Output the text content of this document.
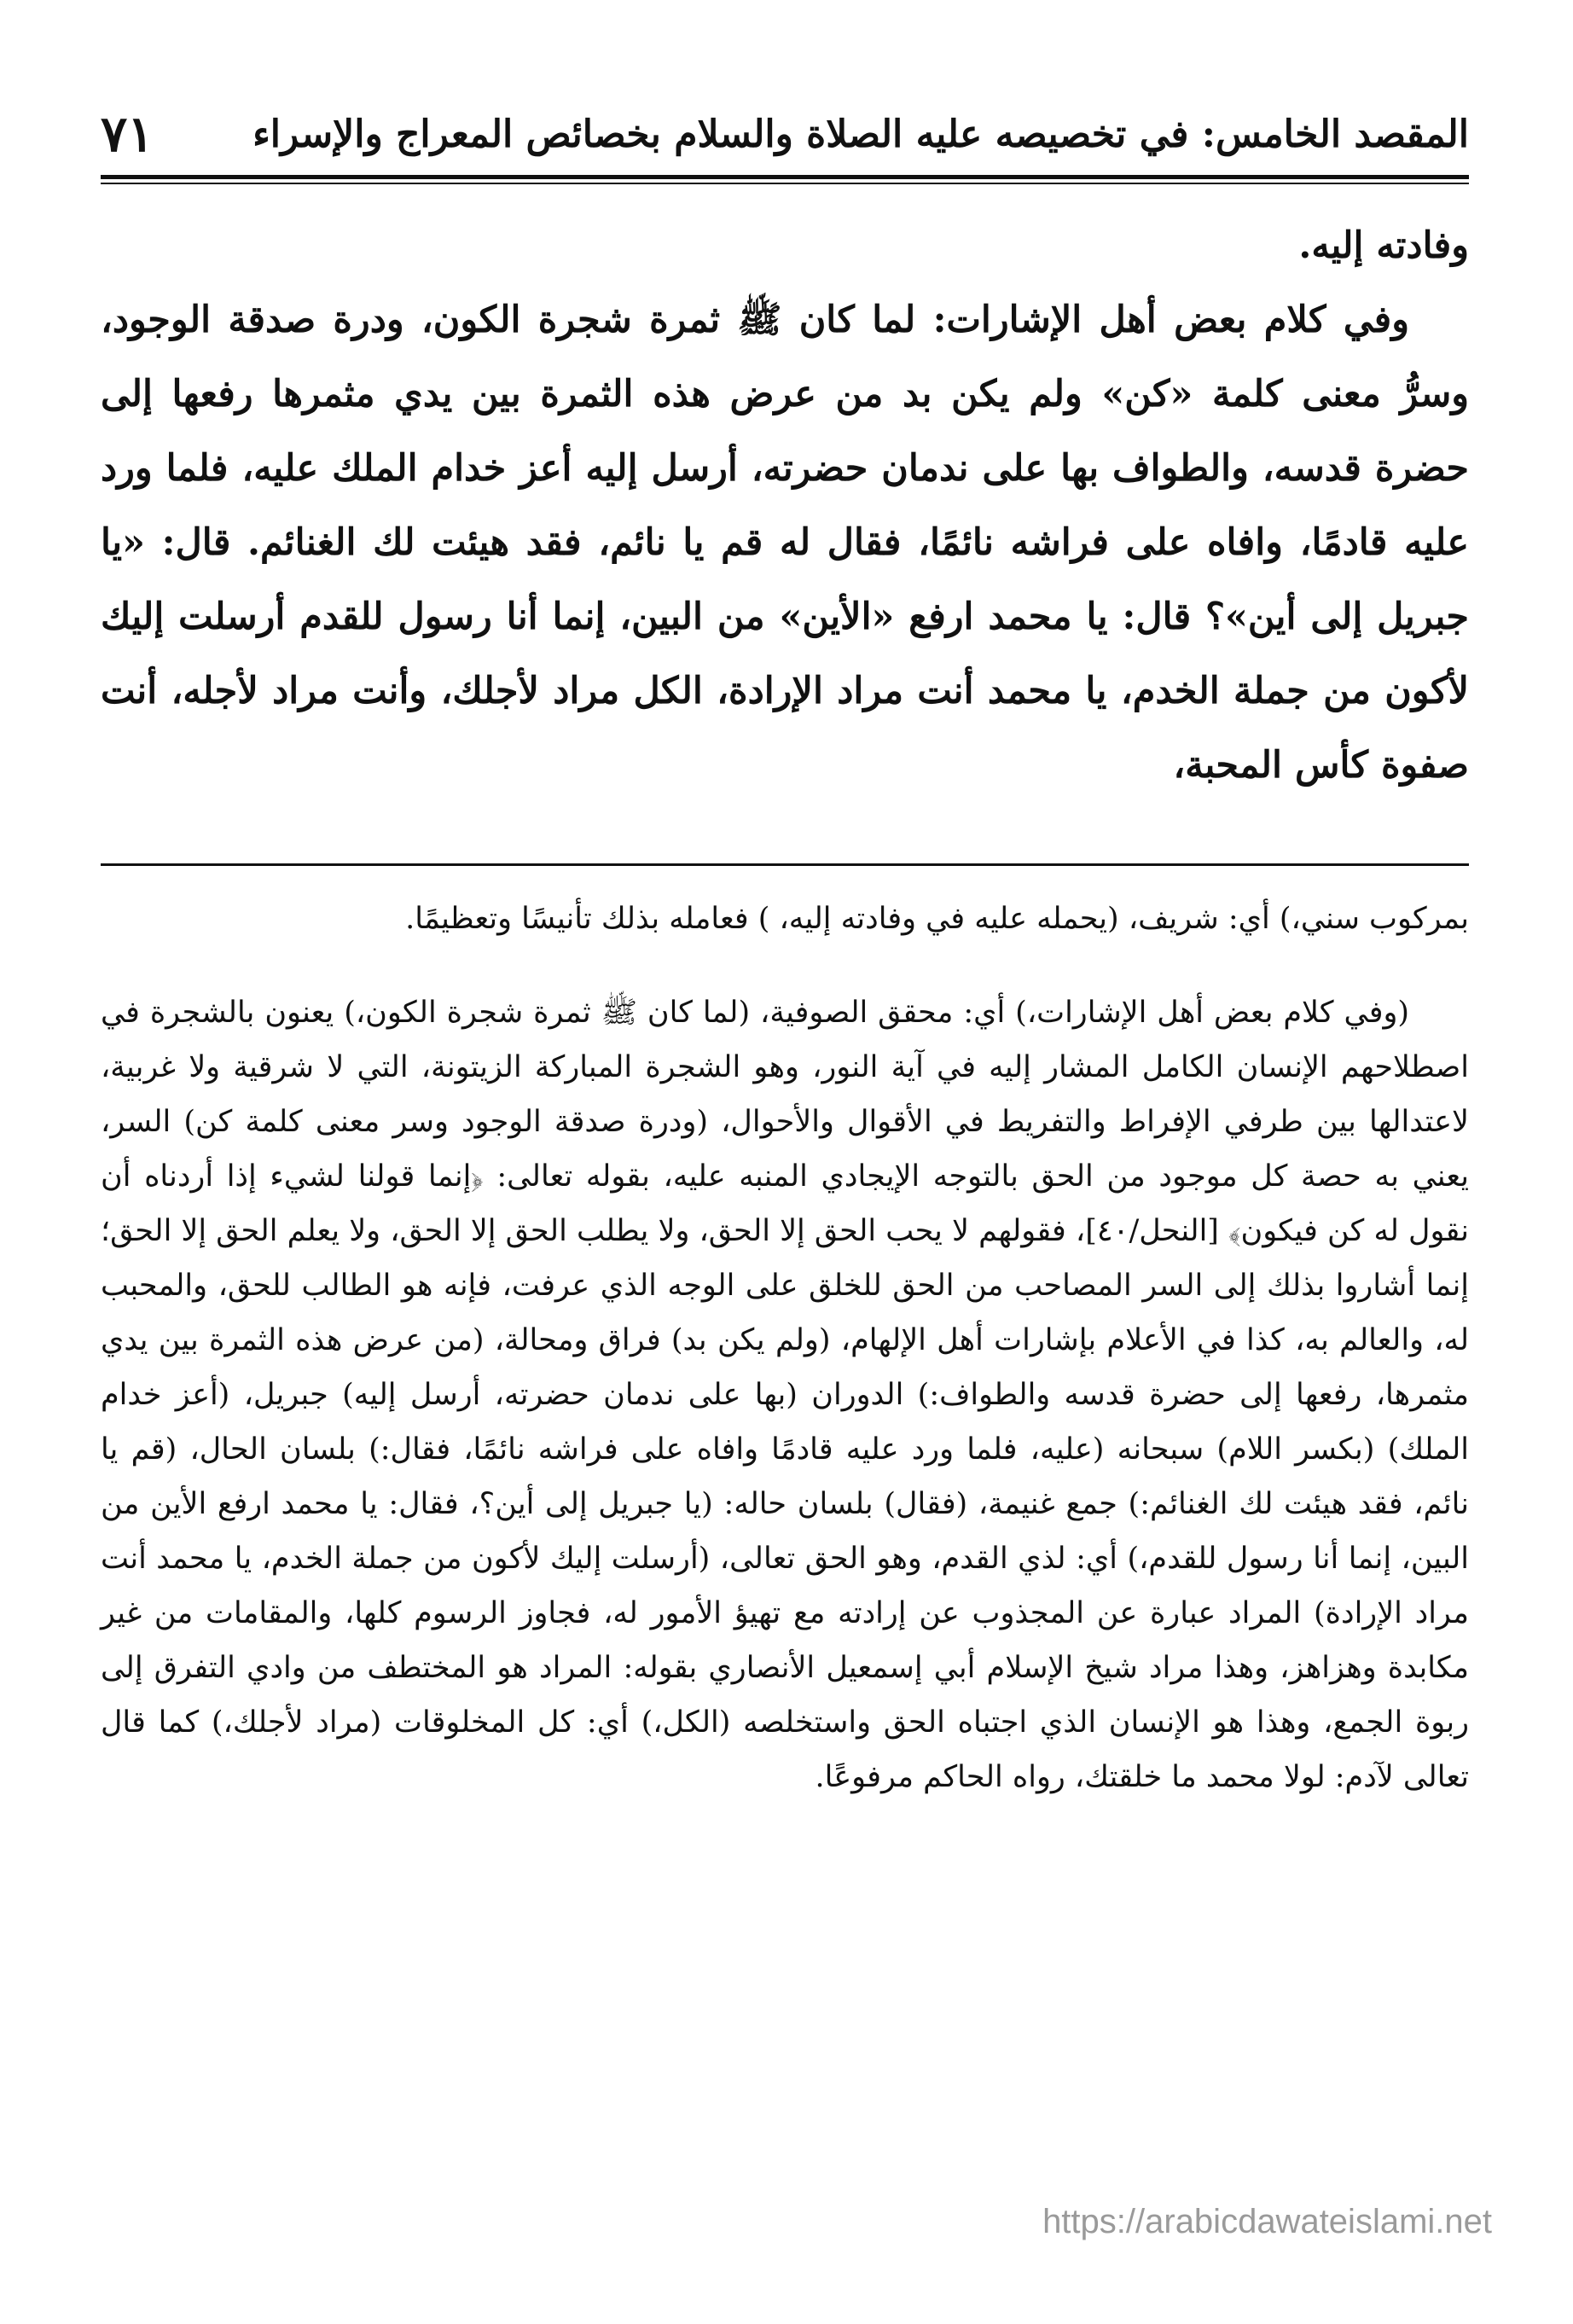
المقصد الخامس: في تخصيصه عليه الصلاة والسلام بخصائص المعراج والإسراء
٧١

وفادته إليه.

وفي كلام بعض أهل الإشارات: لما كان ﷺ ثمرة شجرة الكون، ودرة صدقة الوجود، وسرُّ معنى كلمة «كن» ولم يكن بد من عرض هذه الثمرة بين يدي مثمرها رفعها إلى حضرة قدسه، والطواف بها على ندمان حضرته، أرسل إليه أعز خدام الملك عليه، فلما ورد عليه قادمًا، وافاه على فراشه نائمًا، فقال له قم يا نائم، فقد هيئت لك الغنائم. قال: «يا جبريل إلى أين»؟ قال: يا محمد ارفع «الأين» من البين، إنما أنا رسول للقدم أرسلت إليك لأكون من جملة الخدم، يا محمد أنت مراد الإرادة، الكل مراد لأجلك، وأنت مراد لأجله، أنت صفوة كأس المحبة،

بمركوب سني،) أي: شريف، (يحمله عليه في وفادته إليه، ) فعامله بذلك تأنيسًا وتعظيمًا.

(وفي كلام بعض أهل الإشارات،) أي: محقق الصوفية، (لما كان ﷺ ثمرة شجرة الكون،) يعنون بالشجرة في اصطلاحهم الإنسان الكامل المشار إليه في آية النور، وهو الشجرة المباركة الزيتونة، التي لا شرقية ولا غربية، لاعتدالها بين طرفي الإفراط والتفريط في الأقوال والأحوال، (ودرة صدقة الوجود وسر معنى كلمة كن) السر، يعني به حصة كل موجود من الحق بالتوجه الإيجادي المنبه عليه، بقوله تعالى: ﴿إنما قولنا لشيء إذا أردناه أن نقول له كن فيكون﴾ [النحل/٤٠]، فقولهم لا يحب الحق إلا الحق، ولا يطلب الحق إلا الحق، ولا يعلم الحق إلا الحق؛ إنما أشاروا بذلك إلى السر المصاحب من الحق للخلق على الوجه الذي عرفت، فإنه هو الطالب للحق، والمحبب له، والعالم به، كذا في الأعلام بإشارات أهل الإلهام، (ولم يكن بد) فراق ومحالة، (من عرض هذه الثمرة بين يدي مثمرها، رفعها إلى حضرة قدسه والطواف:) الدوران (بها على ندمان حضرته، أرسل إليه) جبريل، (أعز خدام الملك) (بكسر اللام) سبحانه (عليه، فلما ورد عليه قادمًا وافاه على فراشه نائمًا، فقال:) بلسان الحال، (قم يا نائم، فقد هيئت لك الغنائم:) جمع غنيمة، (فقال) بلسان حاله: (يا جبريل إلى أين؟، فقال: يا محمد ارفع الأين من البين، إنما أنا رسول للقدم،) أي: لذي القدم، وهو الحق تعالى، (أرسلت إليك لأكون من جملة الخدم، يا محمد أنت مراد الإرادة) المراد عبارة عن المجذوب عن إرادته مع تهيؤ الأمور له، فجاوز الرسوم كلها، والمقامات من غير مكابدة وهزاهز، وهذا مراد شيخ الإسلام أبي إسمعيل الأنصاري بقوله: المراد هو المختطف من وادي التفرق إلى ربوة الجمع، وهذا هو الإنسان الذي اجتباه الحق واستخلصه (الكل،) أي: كل المخلوقات (مراد لأجلك،) كما قال تعالى لآدم: لولا محمد ما خلقتك، رواه الحاكم مرفوعًا.

https://arabicdawateislami.net
